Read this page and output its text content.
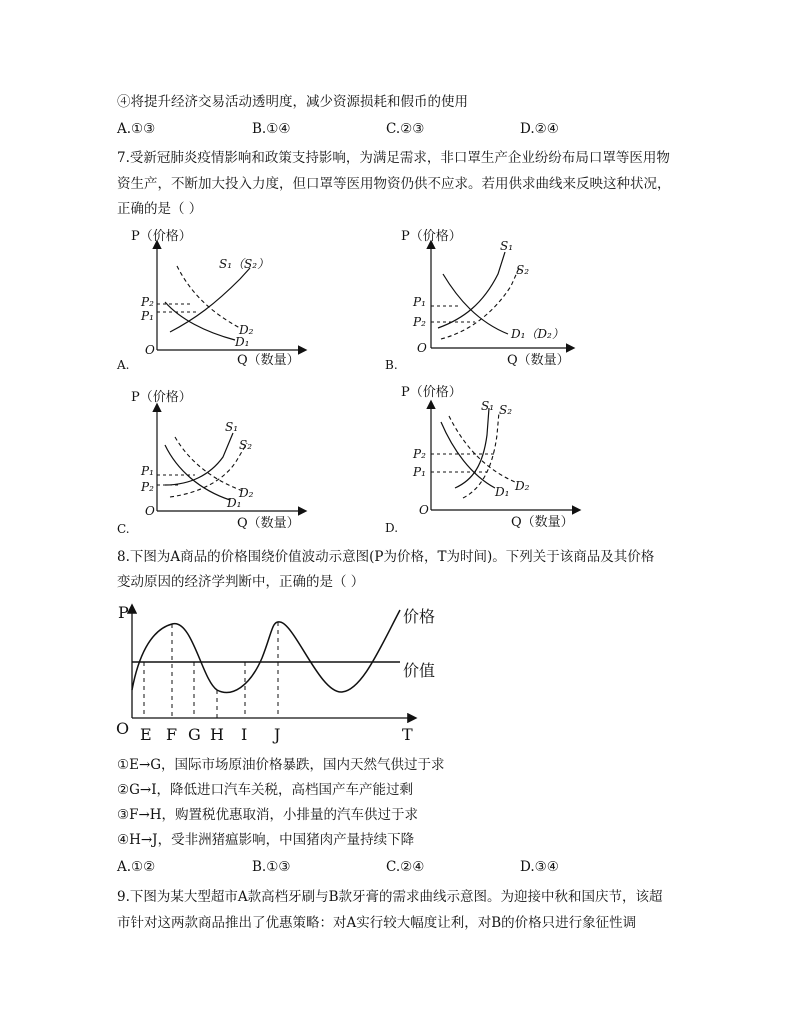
④将提升经济交易活动透明度，减少资源损耗和假币的使用
A.①③	B.①④	C.②③	D.②④
7.受新冠肺炎疫情影响和政策支持影响，为满足需求，非口罩生产企业纷纷布局口罩等医用物
资生产，不断加大投入力度，但口罩等医用物资仍供不应求。若用供求曲线来反映这种状况，
正确的是（ ）
P（价格）
Q（数量）
O
P₂
P₁
S₁（S₂）
D₂
D₁
A.
P（价格）
Q（数量）
O
P₁
P₂
S₁
S₂
D₁（D₂）
B.
P（价格）
Q（数量）
O
P₁
P₂
S₁
S₂
D₂
D₁
C.
P（价格）
Q（数量）
O
P₂
P₁
S₁ S₂
D₁ D₂
D.
8.下图为A商品的价格围绕价值波动示意图(P为价格，T为时间)。下列关于该商品及其价格
变动原因的经济学判断中，正确的是（ ）
P
O	T
E F G H I J
价格
价值
①E→G，国际市场原油价格暴跌，国内天然气供过于求
②G→I，降低进口汽车关税，高档国产车产能过剩
③F→H，购置税优惠取消，小排量的汽车供过于求
④H→J，受非洲猪瘟影响，中国猪肉产量持续下降
A.①②	B.①③	C.②④	D.③④
9.下图为某大型超市A款高档牙刷与B款牙膏的需求曲线示意图。为迎接中秋和国庆节，该超
市针对这两款商品推出了优惠策略：对A实行较大幅度让利，对B的价格只进行象征性调
